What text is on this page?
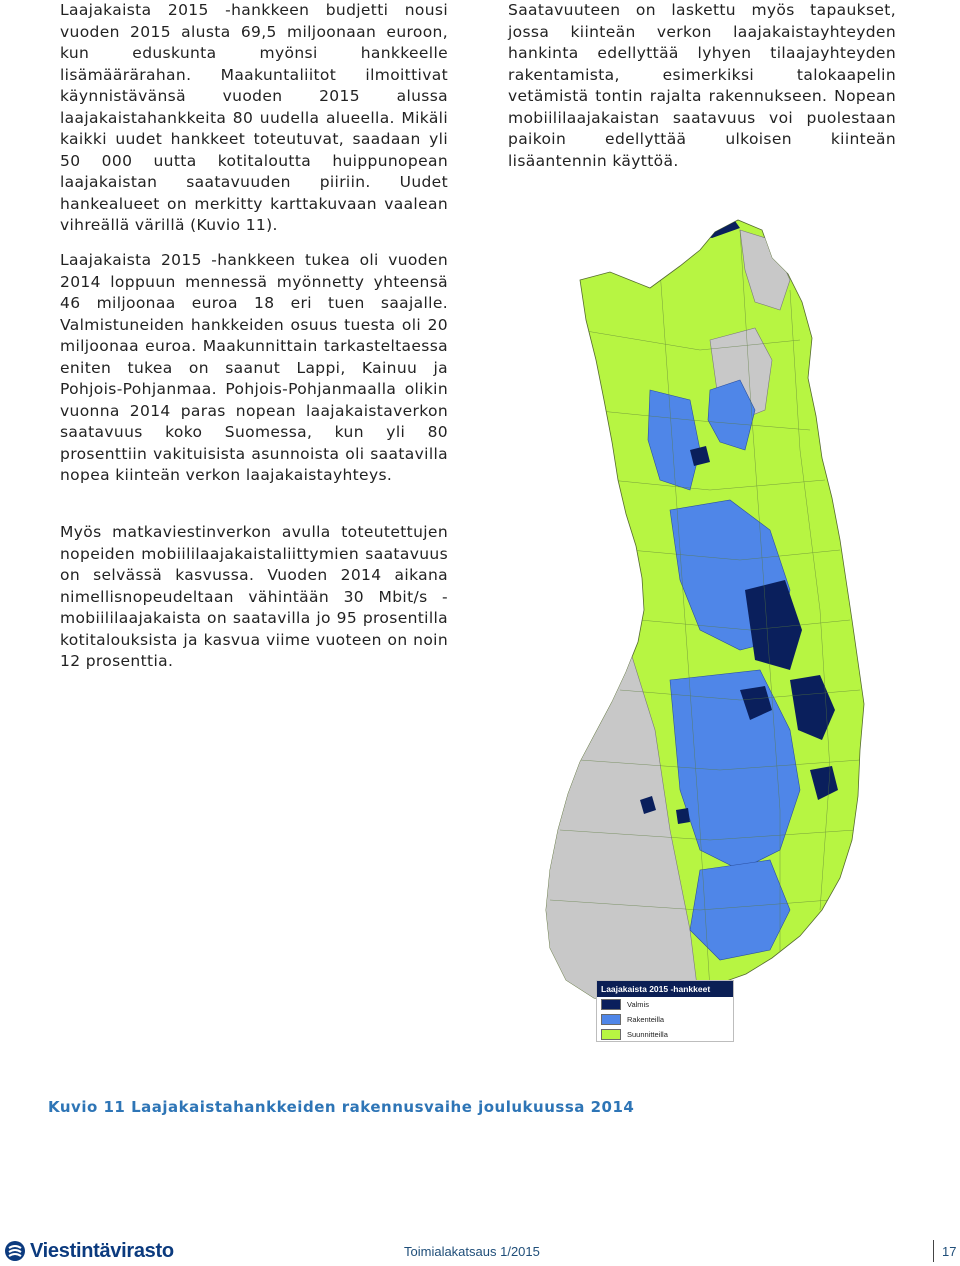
Laajakaista 2015 -hankkeen budjetti nousi vuoden 2015 alusta 69,5 miljoonaan euroon, kun eduskunta myönsi hankkeelle lisämäärärahan. Maakuntaliitot ilmoittivat käynnistävänsä vuoden 2015 alussa laajakaistahankkeita 80 uudella alueella. Mikäli kaikki uudet hankkeet toteutuvat, saadaan yli 50 000 uutta kotitaloutta huippunopean laajakaistan saatavuuden piiriin. Uudet hankealueet on merkitty karttakuvaan vaalean vihreällä värillä (Kuvio 11).

Laajakaista 2015 -hankkeen tukea oli vuoden 2014 loppuun mennessä myönnetty yhteensä 46 miljoonaa euroa 18 eri tuen saajalle. Valmistuneiden hankkeiden osuus tuesta oli 20 miljoonaa euroa. Maakunnittain tarkasteltaessa eniten tukea on saanut Lappi, Kainuu ja Pohjois-Pohjanmaa. Pohjois-Pohjanmaalla olikin vuonna 2014 paras nopean laajakaistaverkon saatavuus koko Suomessa, kun yli 80 prosenttiin vakituisista asunnoista oli saatavilla nopea kiinteän verkon laajakaistayhteys.

Myös matkaviestinverkon avulla toteutettujen nopeiden mobiililaajakaistaliittymien saatavuus on selvässä kasvussa. Vuoden 2014 aikana nimellisnopeudeltaan vähintään 30 Mbit/s -mobiililaajakaista on saatavilla jo 95 prosentilla kotitalouksista ja kasvua viime vuoteen on noin 12 prosenttia.

Saatavuuteen on laskettu myös tapaukset, jossa kiinteän verkon laajakaistayhteyden hankinta edellyttää lyhyen tilaajayhteyden rakentamista, esimerkiksi talokaapelin vetämistä tontin rajalta rakennukseen. Nopean mobiililaajakaistan saatavuus voi puolestaan paikoin edellyttää ulkoisen kiinteän lisäantennin käyttöä.

Laajakaista 2015 -hankkeet
Valmis
Rakenteilla
Suunnitteilla
Kuvio 11 Laajakaistahankkeiden rakennusvaihe joulukuussa 2014
Viestintävirasto	Toimialakatsaus 1/2015	17
